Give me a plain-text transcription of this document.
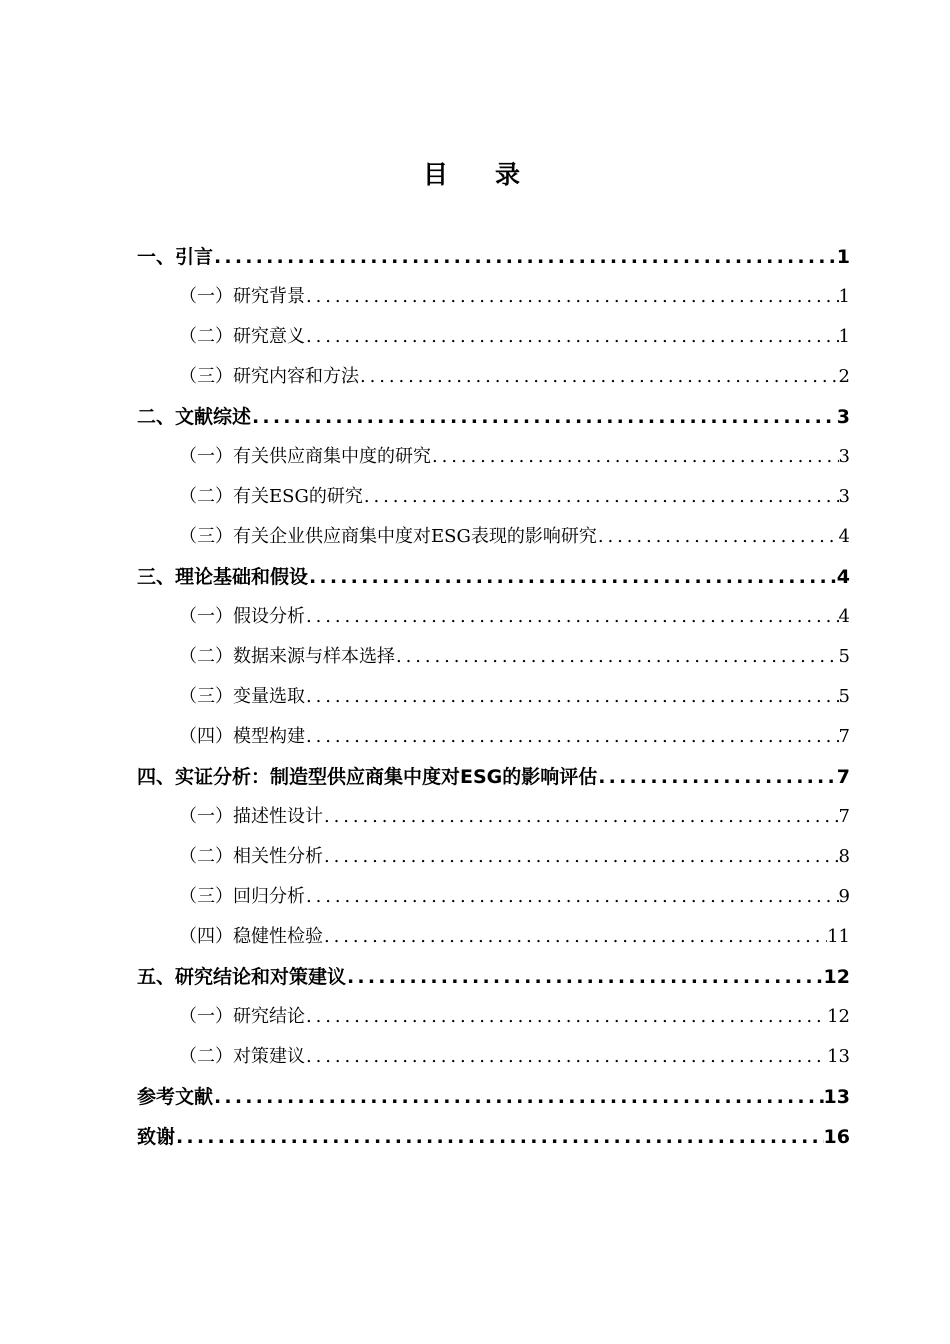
目录
一、引言 .....	1
（一）研究背景 .....	1
（二）研究意义 .....	1
（三）研究内容和方法 .....	2
二、文献综述 .....	3
（一）有关供应商集中度的研究 .....	3
（二）有关ESG的研究 .....	3
（三）有关企业供应商集中度对ESG表现的影响研究 .....	4
三、理论基础和假设 .....	4
（一）假设分析 .....	4
（二）数据来源与样本选择 .....	5
（三）变量选取 .....	5
（四）模型构建 .....	7
四、实证分析：制造型供应商集中度对ESG的影响评估 .....	7
（一）描述性设计 .....	7
（二）相关性分析 .....	8
（三）回归分析 .....	9
（四）稳健性检验 .....	11
五、研究结论和对策建议 .....	12
（一）研究结论 .....	12
（二）对策建议 .....	13
参考文献 .....	13
致谢 .....	16
